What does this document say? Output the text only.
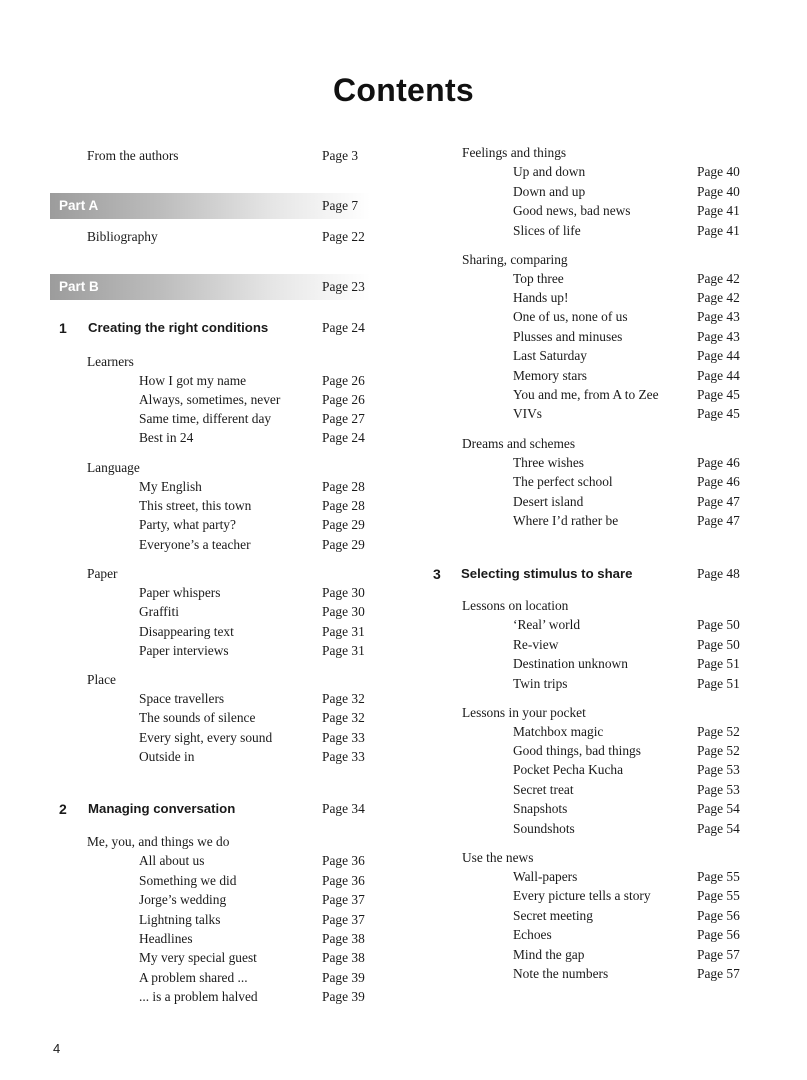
Contents
From the authors	Page 3
Part A	Page 7
Bibliography	Page 22
Part B	Page 23
1 Creating the right conditions	Page 24
Learners
How I got my name	Page 26
Always, sometimes, never	Page 26
Same time, different day	Page 27
Best in 24	Page 24
Language
My English	Page 28
This street, this town	Page 28
Party, what party?	Page 29
Everyone’s a teacher	Page 29
Paper
Paper whispers	Page 30
Graffiti	Page 30
Disappearing text	Page 31
Paper interviews	Page 31
Place
Space travellers	Page 32
The sounds of silence	Page 32
Every sight, every sound	Page 33
Outside in	Page 33
2 Managing conversation	Page 34
Me, you, and things we do
All about us	Page 36
Something we did	Page 36
Jorge’s wedding	Page 37
Lightning talks	Page 37
Headlines	Page 38
My very special guest	Page 38
A problem shared ...	Page 39
... is a problem halved	Page 39
Feelings and things
Up and down	Page 40
Down and up	Page 40
Good news, bad news	Page 41
Slices of life	Page 41
Sharing, comparing
Top three	Page 42
Hands up!	Page 42
One of us, none of us	Page 43
Plusses and minuses	Page 43
Last Saturday	Page 44
Memory stars	Page 44
You and me, from A to Zee	Page 45
VIVs	Page 45
Dreams and schemes
Three wishes	Page 46
The perfect school	Page 46
Desert island	Page 47
Where I’d rather be	Page 47
3 Selecting stimulus to share	Page 48
Lessons on location
‘Real’ world	Page 50
Re-view	Page 50
Destination unknown	Page 51
Twin trips	Page 51
Lessons in your pocket
Matchbox magic	Page 52
Good things, bad things	Page 52
Pocket Pecha Kucha	Page 53
Secret treat	Page 53
Snapshots	Page 54
Soundshots	Page 54
Use the news
Wall-papers	Page 55
Every picture tells a story	Page 55
Secret meeting	Page 56
Echoes	Page 56
Mind the gap	Page 57
Note the numbers	Page 57
4
